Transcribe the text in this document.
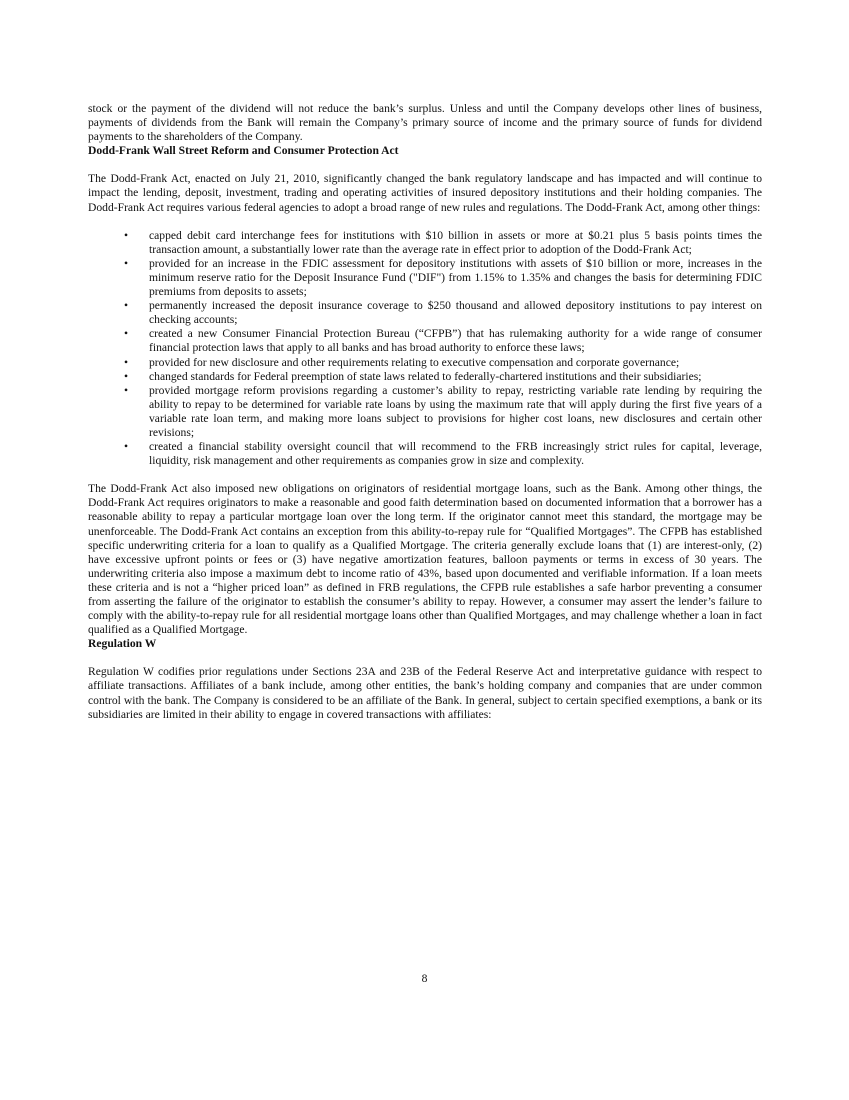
stock or the payment of the dividend will not reduce the bank’s surplus. Unless and until the Company develops other lines of business, payments of dividends from the Bank will remain the Company’s primary source of income and the primary source of funds for dividend payments to the shareholders of the Company.

Dodd-Frank Wall Street Reform and Consumer Protection Act

The Dodd-Frank Act, enacted on July 21, 2010, significantly changed the bank regulatory landscape and has impacted and will continue to impact the lending, deposit, investment, trading and operating activities of insured depository institutions and their holding companies. The Dodd-Frank Act requires various federal agencies to adopt a broad range of new rules and regulations. The Dodd-Frank Act, among other things:

• capped debit card interchange fees for institutions with $10 billion in assets or more at $0.21 plus 5 basis points times the transaction amount, a substantially lower rate than the average rate in effect prior to adoption of the Dodd-Frank Act;
• provided for an increase in the FDIC assessment for depository institutions with assets of $10 billion or more, increases in the minimum reserve ratio for the Deposit Insurance Fund ("DIF") from 1.15% to 1.35% and changes the basis for determining FDIC premiums from deposits to assets;
• permanently increased the deposit insurance coverage to $250 thousand and allowed depository institutions to pay interest on checking accounts;
• created a new Consumer Financial Protection Bureau (“CFPB”) that has rulemaking authority for a wide range of consumer financial protection laws that apply to all banks and has broad authority to enforce these laws;
• provided for new disclosure and other requirements relating to executive compensation and corporate governance;
• changed standards for Federal preemption of state laws related to federally-chartered institutions and their subsidiaries;
• provided mortgage reform provisions regarding a customer’s ability to repay, restricting variable rate lending by requiring the ability to repay to be determined for variable rate loans by using the maximum rate that will apply during the first five years of a variable rate loan term, and making more loans subject to provisions for higher cost loans, new disclosures and certain other revisions;
• created a financial stability oversight council that will recommend to the FRB increasingly strict rules for capital, leverage, liquidity, risk management and other requirements as companies grow in size and complexity.

The Dodd-Frank Act also imposed new obligations on originators of residential mortgage loans, such as the Bank. Among other things, the Dodd-Frank Act requires originators to make a reasonable and good faith determination based on documented information that a borrower has a reasonable ability to repay a particular mortgage loan over the long term. If the originator cannot meet this standard, the mortgage may be unenforceable. The Dodd-Frank Act contains an exception from this ability-to-repay rule for “Qualified Mortgages”. The CFPB has established specific underwriting criteria for a loan to qualify as a Qualified Mortgage. The criteria generally exclude loans that (1) are interest-only, (2) have excessive upfront points or fees or (3) have negative amortization features, balloon payments or terms in excess of 30 years. The underwriting criteria also impose a maximum debt to income ratio of 43%, based upon documented and verifiable information. If a loan meets these criteria and is not a “higher priced loan” as defined in FRB regulations, the CFPB rule establishes a safe harbor preventing a consumer from asserting the failure of the originator to establish the consumer’s ability to repay. However, a consumer may assert the lender’s failure to comply with the ability-to-repay rule for all residential mortgage loans other than Qualified Mortgages, and may challenge whether a loan in fact qualified as a Qualified Mortgage.

Regulation W

Regulation W codifies prior regulations under Sections 23A and 23B of the Federal Reserve Act and interpretative guidance with respect to affiliate transactions. Affiliates of a bank include, among other entities, the bank’s holding company and companies that are under common control with the bank. The Company is considered to be an affiliate of the Bank. In general, subject to certain specified exemptions, a bank or its subsidiaries are limited in their ability to engage in covered transactions with affiliates:

8
